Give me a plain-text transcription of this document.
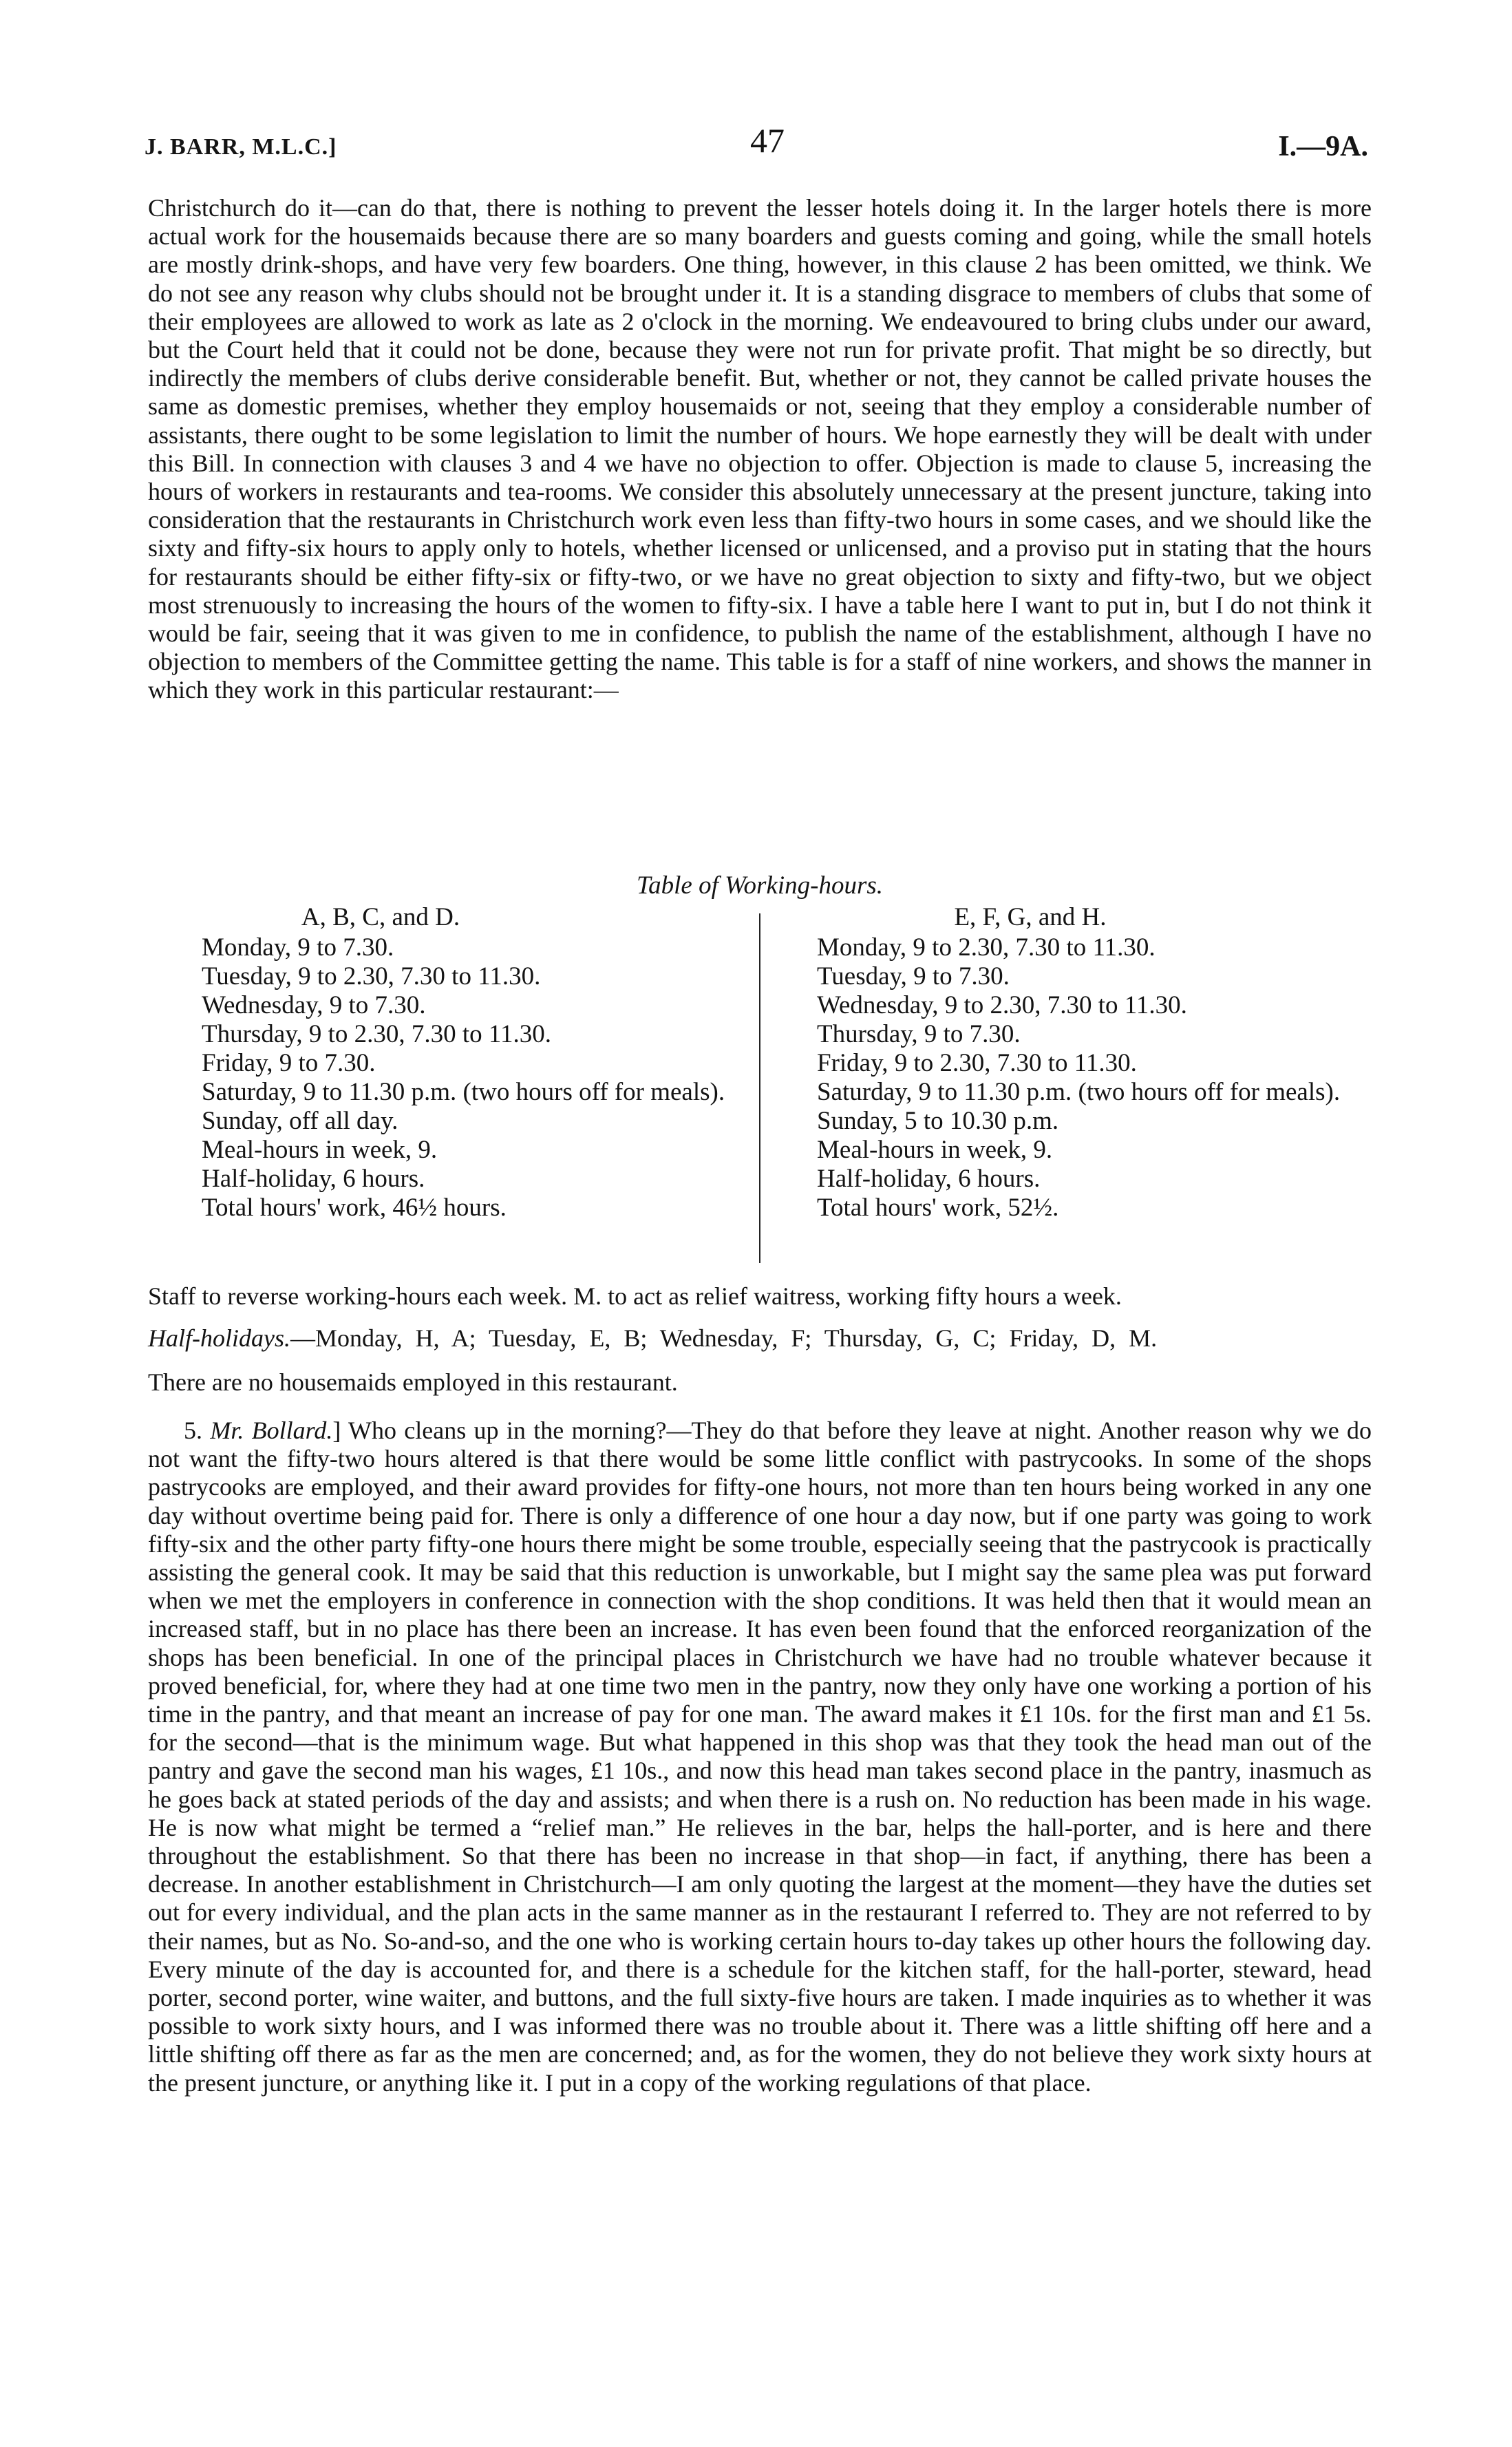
J. BARR, M.L.C.]	47	I.—9A.

Christchurch do it—can do that, there is nothing to prevent the lesser hotels doing it. In the larger hotels there is more actual work for the housemaids because there are so many boarders and guests coming and going, while the small hotels are mostly drink-shops, and have very few boarders. One thing, however, in this clause 2 has been omitted, we think. We do not see any reason why clubs should not be brought under it. It is a standing disgrace to members of clubs that some of their employees are allowed to work as late as 2 o'clock in the morning. We endeavoured to bring clubs under our award, but the Court held that it could not be done, because they were not run for private profit. That might be so directly, but indirectly the members of clubs derive considerable benefit. But, whether or not, they cannot be called private houses the same as domestic premises, whether they employ housemaids or not, seeing that they employ a considerable number of assistants, there ought to be some legislation to limit the number of hours. We hope earnestly they will be dealt with under this Bill. In connection with clauses 3 and 4 we have no objection to offer. Objection is made to clause 5, increasing the hours of workers in restaurants and tea-rooms. We consider this absolutely unnecessary at the present juncture, taking into consideration that the restaurants in Christchurch work even less than fifty-two hours in some cases, and we should like the sixty and fifty-six hours to apply only to hotels, whether licensed or unlicensed, and a proviso put in stating that the hours for restaurants should be either fifty-six or fifty-two, or we have no great objection to sixty and fifty-two, but we object most strenuously to increasing the hours of the women to fifty-six. I have a table here I want to put in, but I do not think it would be fair, seeing that it was given to me in confidence, to publish the name of the establishment, although I have no objection to members of the Committee getting the name. This table is for a staff of nine workers, and shows the manner in which they work in this particular restaurant:—

Table of Working-hours.

A, B, C, and D.
Monday, 9 to 7.30.
Tuesday, 9 to 2.30, 7.30 to 11.30.
Wednesday, 9 to 7.30.
Thursday, 9 to 2.30, 7.30 to 11.30.
Friday, 9 to 7.30.
Saturday, 9 to 11.30 p.m. (two hours off for meals).
Sunday, off all day.
Meal-hours in week, 9.
Half-holiday, 6 hours.
Total hours' work, 46½ hours.
E, F, G, and H.
Monday, 9 to 2.30, 7.30 to 11.30.
Tuesday, 9 to 7.30.
Wednesday, 9 to 2.30, 7.30 to 11.30.
Thursday, 9 to 7.30.
Friday, 9 to 2.30, 7.30 to 11.30.
Saturday, 9 to 11.30 p.m. (two hours off for meals).
Sunday, 5 to 10.30 p.m.
Meal-hours in week, 9.
Half-holiday, 6 hours.
Total hours' work, 52½.

Staff to reverse working-hours each week. M. to act as relief waitress, working fifty hours a week.

Half-holidays.—Monday, H, A; Tuesday, E, B; Wednesday, F; Thursday, G, C; Friday, D, M.

There are no housemaids employed in this restaurant.

5. Mr. Bollard.] Who cleans up in the morning?—They do that before they leave at night. Another reason why we do not want the fifty-two hours altered is that there would be some little conflict with pastrycooks. In some of the shops pastrycooks are employed, and their award provides for fifty-one hours, not more than ten hours being worked in any one day without overtime being paid for. There is only a difference of one hour a day now, but if one party was going to work fifty-six and the other party fifty-one hours there might be some trouble, especially seeing that the pastrycook is practically assisting the general cook. It may be said that this reduction is unworkable, but I might say the same plea was put forward when we met the employers in conference in connection with the shop conditions. It was held then that it would mean an increased staff, but in no place has there been an increase. It has even been found that the enforced reorganization of the shops has been beneficial. In one of the principal places in Christchurch we have had no trouble whatever because it proved beneficial, for, where they had at one time two men in the pantry, now they only have one working a portion of his time in the pantry, and that meant an increase of pay for one man. The award makes it £1 10s. for the first man and £1 5s. for the second—that is the minimum wage. But what happened in this shop was that they took the head man out of the pantry and gave the second man his wages, £1 10s., and now this head man takes second place in the pantry, inasmuch as he goes back at stated periods of the day and assists; and when there is a rush on. No reduction has been made in his wage. He is now what might be termed a “relief man.” He relieves in the bar, helps the hall-porter, and is here and there throughout the establishment. So that there has been no increase in that shop—in fact, if anything, there has been a decrease. In another establishment in Christchurch—I am only quoting the largest at the moment—they have the duties set out for every individual, and the plan acts in the same manner as in the restaurant I referred to. They are not referred to by their names, but as No. So-and-so, and the one who is working certain hours to-day takes up other hours the following day. Every minute of the day is accounted for, and there is a schedule for the kitchen staff, for the hall-porter, steward, head porter, second porter, wine waiter, and buttons, and the full sixty-five hours are taken. I made inquiries as to whether it was possible to work sixty hours, and I was informed there was no trouble about it. There was a little shifting off here and a little shifting off there as far as the men are concerned; and, as for the women, they do not believe they work sixty hours at the present juncture, or anything like it. I put in a copy of the working regulations of that place.
